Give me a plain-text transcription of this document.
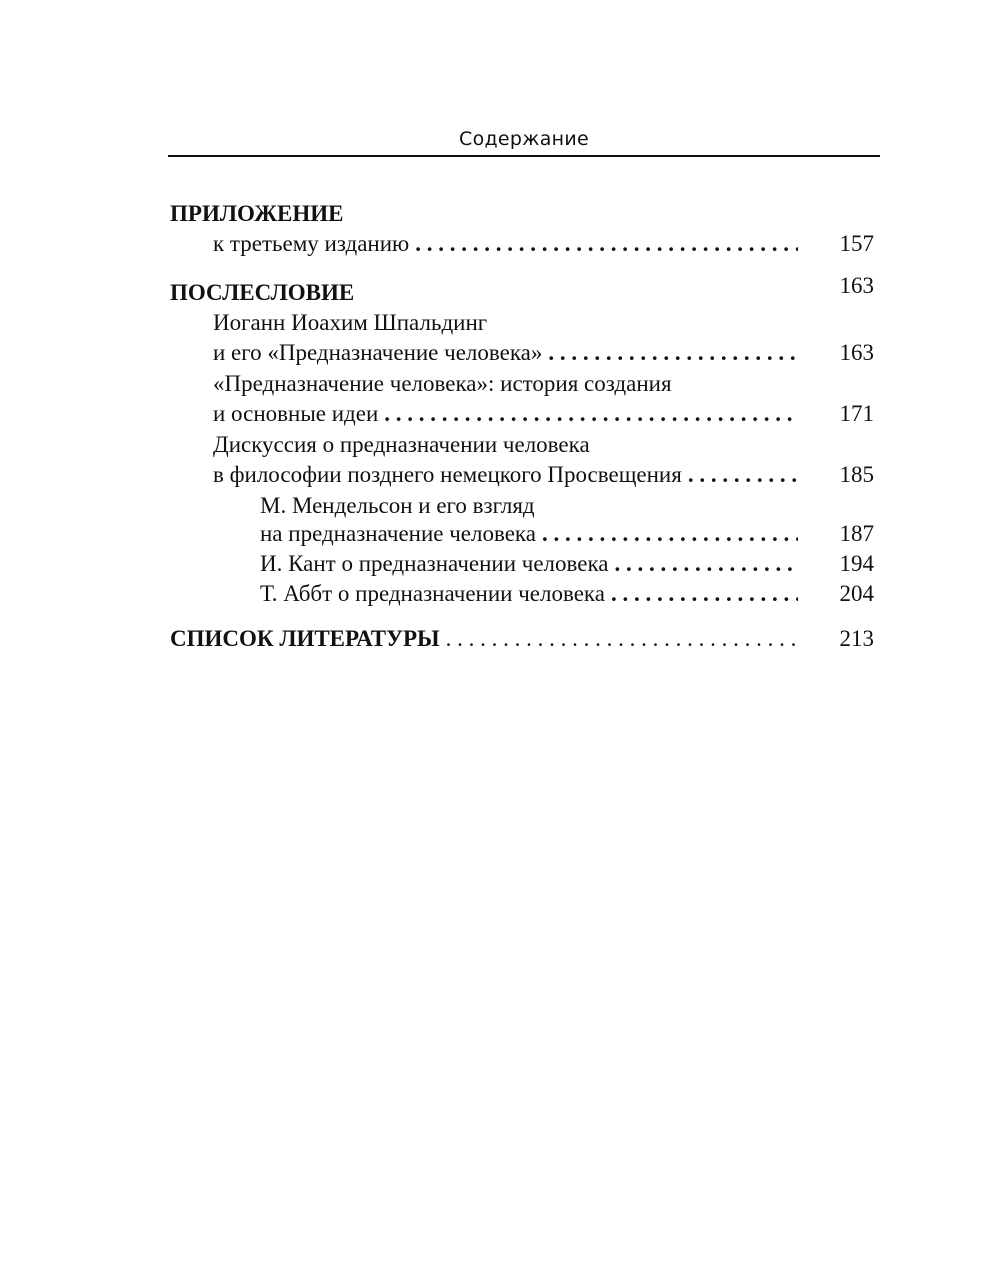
Содержание
ПРИЛОЖЕНИЕ
к третьему изданию . . .	157
ПОСЛЕСЛОВИЕ	163
Иоганн Иоахим Шпальдинг
и его «Предназначение человека» . . .	163
«Предназначение человека»: история создания
и основные идеи . . .	171
Дискуссия о предназначении человека
в философии позднего немецкого Просвещения . . .	185
М. Мендельсон и его взгляд
на предназначение человека . . .	187
И. Кант о предназначении человека . . .	194
Т. Аббт о предназначении человека . . .	204
СПИСОК ЛИТЕРАТУРЫ . . .	213
